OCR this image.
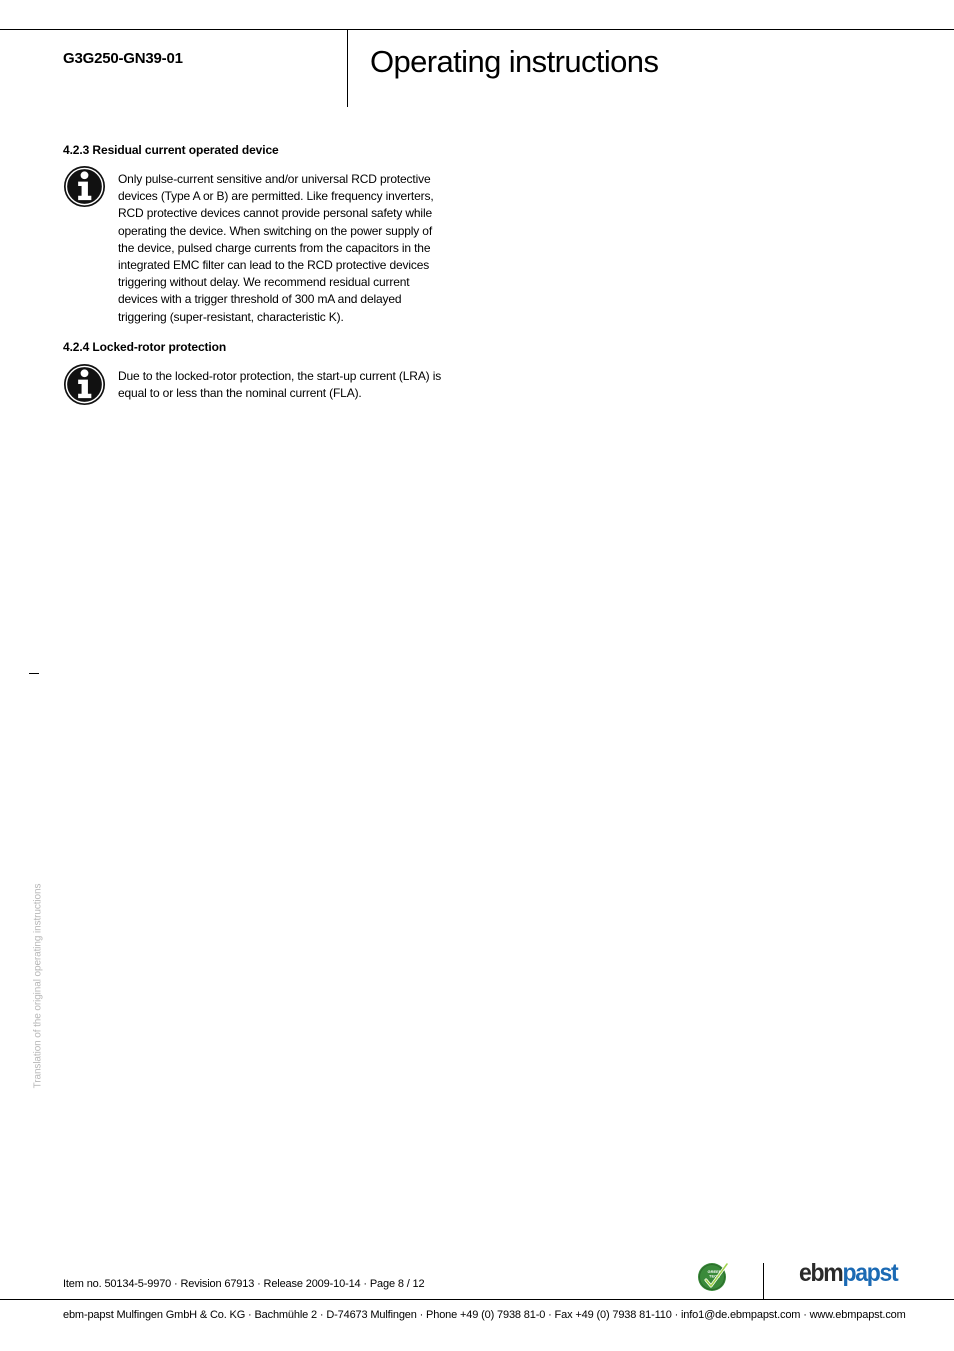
G3G250-GN39-01	Operating instructions
4.2.3 Residual current operated device
Only pulse-current sensitive and/or universal RCD protective
devices (Type A or B) are permitted. Like frequency inverters,
RCD protective devices cannot provide personal safety while
operating the device. When switching on the power supply of
the device, pulsed charge currents from the capacitors in the
integrated EMC filter can lead to the RCD protective devices
triggering without delay. We recommend residual current
devices with a trigger threshold of 300 mA and delayed
triggering (super-resistant, characteristic K).
4.2.4 Locked-rotor protection
Due to the locked-rotor protection, the start-up current (LRA) is
equal to or less than the nominal current (FLA).
Translation of the original operating instructions
Item no. 50134-5-9970 · Revision 67913 · Release 2009-10-14 · Page 8 / 12
GREEN
TECH	ebmpapst
ebm-papst Mulfingen GmbH & Co. KG · Bachmühle 2 · D-74673 Mulfingen · Phone +49 (0) 7938 81-0 · Fax +49 (0) 7938 81-110 · info1@de.ebmpapst.com · www.ebmpapst.com
